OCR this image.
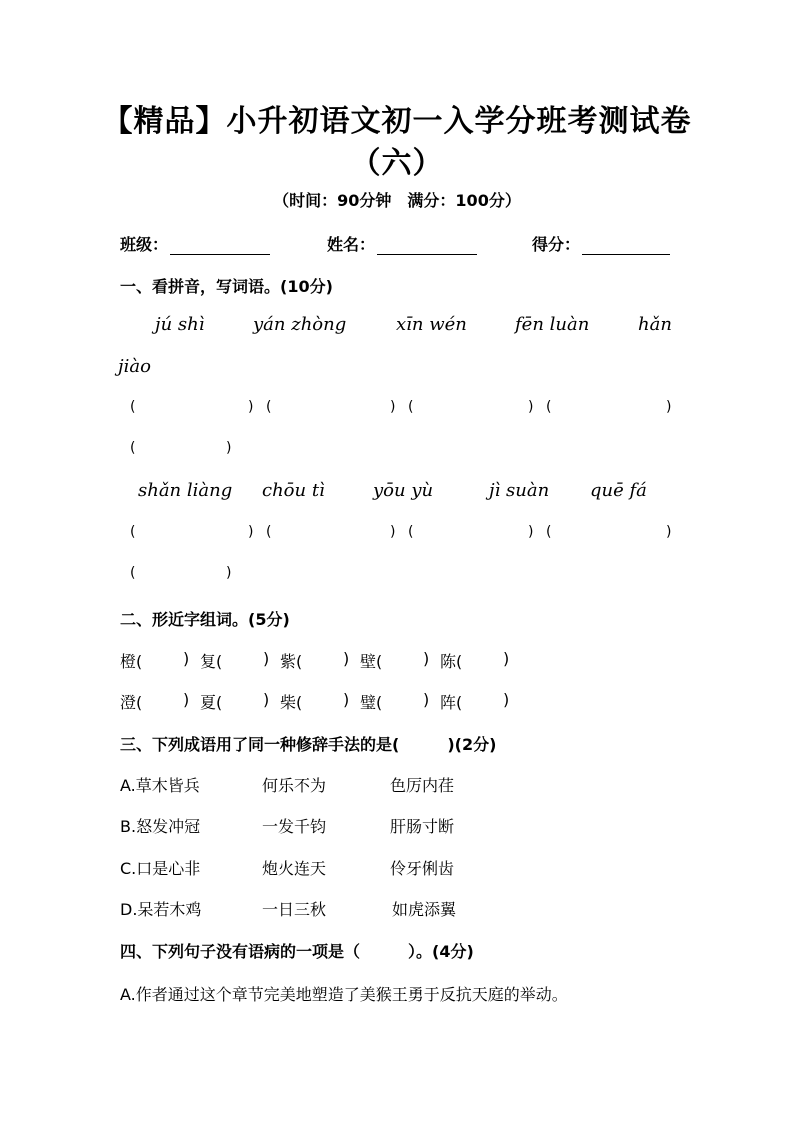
【精品】小升初语文初一入学分班考测试卷
（六）
（时间：90分钟　满分：100分）
班级：	姓名：	得分：
一、看拼音，写词语。(10分)
jú shì	yán zhòng	xīn wén	fēn luàn	hǎn
jiào
(	) (	) (	) (	)
(	)
shǎn liàng chōu tì	yōu yù	jì suàn quē fá
(	) (	) (	) (	)
(	)
二、形近字组词。(5分)
橙(	) 复(	) 紫(	) 壁(	) 陈(	)
澄(	) 夏(	) 柴(	) 璧(	) 阵(	)
三、下列成语用了同一种修辞手法的是(　　　)(2分)
A.草木皆兵	何乐不为	色厉内荏
B.怒发冲冠	一发千钧	肝肠寸断
C.口是心非	炮火连天	伶牙俐齿
D.呆若木鸡	一日三秋	如虎添翼
四、下列句子没有语病的一项是（　　　）。(4分)
A.作者通过这个章节完美地塑造了美猴王勇于反抗天庭的举动。
